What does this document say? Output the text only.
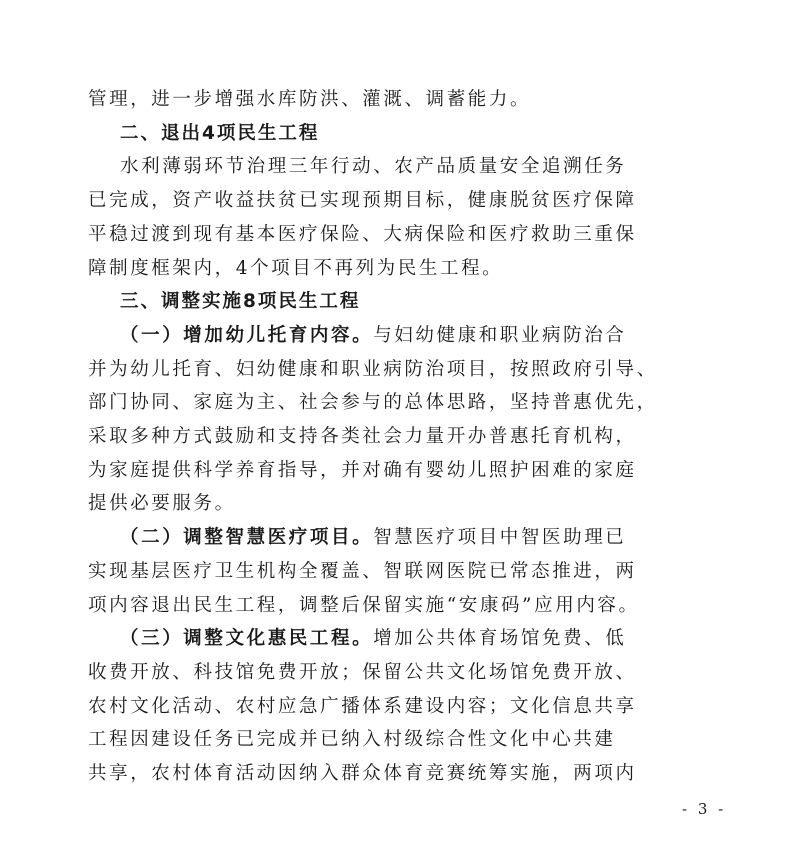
管理，进一步增强水库防洪、灌溉、调蓄能力。
二、退出4项民生工程
水利薄弱环节治理三年行动、农产品质量安全追溯任务
已完成，资产收益扶贫已实现预期目标，健康脱贫医疗保障
平稳过渡到现有基本医疗保险、大病保险和医疗救助三重保
障制度框架内，4个项目不再列为民生工程。
三、调整实施8项民生工程
（一）增加幼儿托育内容。与妇幼健康和职业病防治合
并为幼儿托育、妇幼健康和职业病防治项目，按照政府引导、
部门协同、家庭为主、社会参与的总体思路，坚持普惠优先，
采取多种方式鼓励和支持各类社会力量开办普惠托育机构，
为家庭提供科学养育指导，并对确有婴幼儿照护困难的家庭
提供必要服务。
（二）调整智慧医疗项目。智慧医疗项目中智医助理已
实现基层医疗卫生机构全覆盖、智联网医院已常态推进，两
项内容退出民生工程，调整后保留实施“安康码”应用内容。
（三）调整文化惠民工程。增加公共体育场馆免费、低
收费开放、科技馆免费开放；保留公共文化场馆免费开放、
农村文化活动、农村应急广播体系建设内容；文化信息共享
工程因建设任务已完成并已纳入村级综合性文化中心共建
共享，农村体育活动因纳入群众体育竞赛统筹实施，两项内
- 3 -
